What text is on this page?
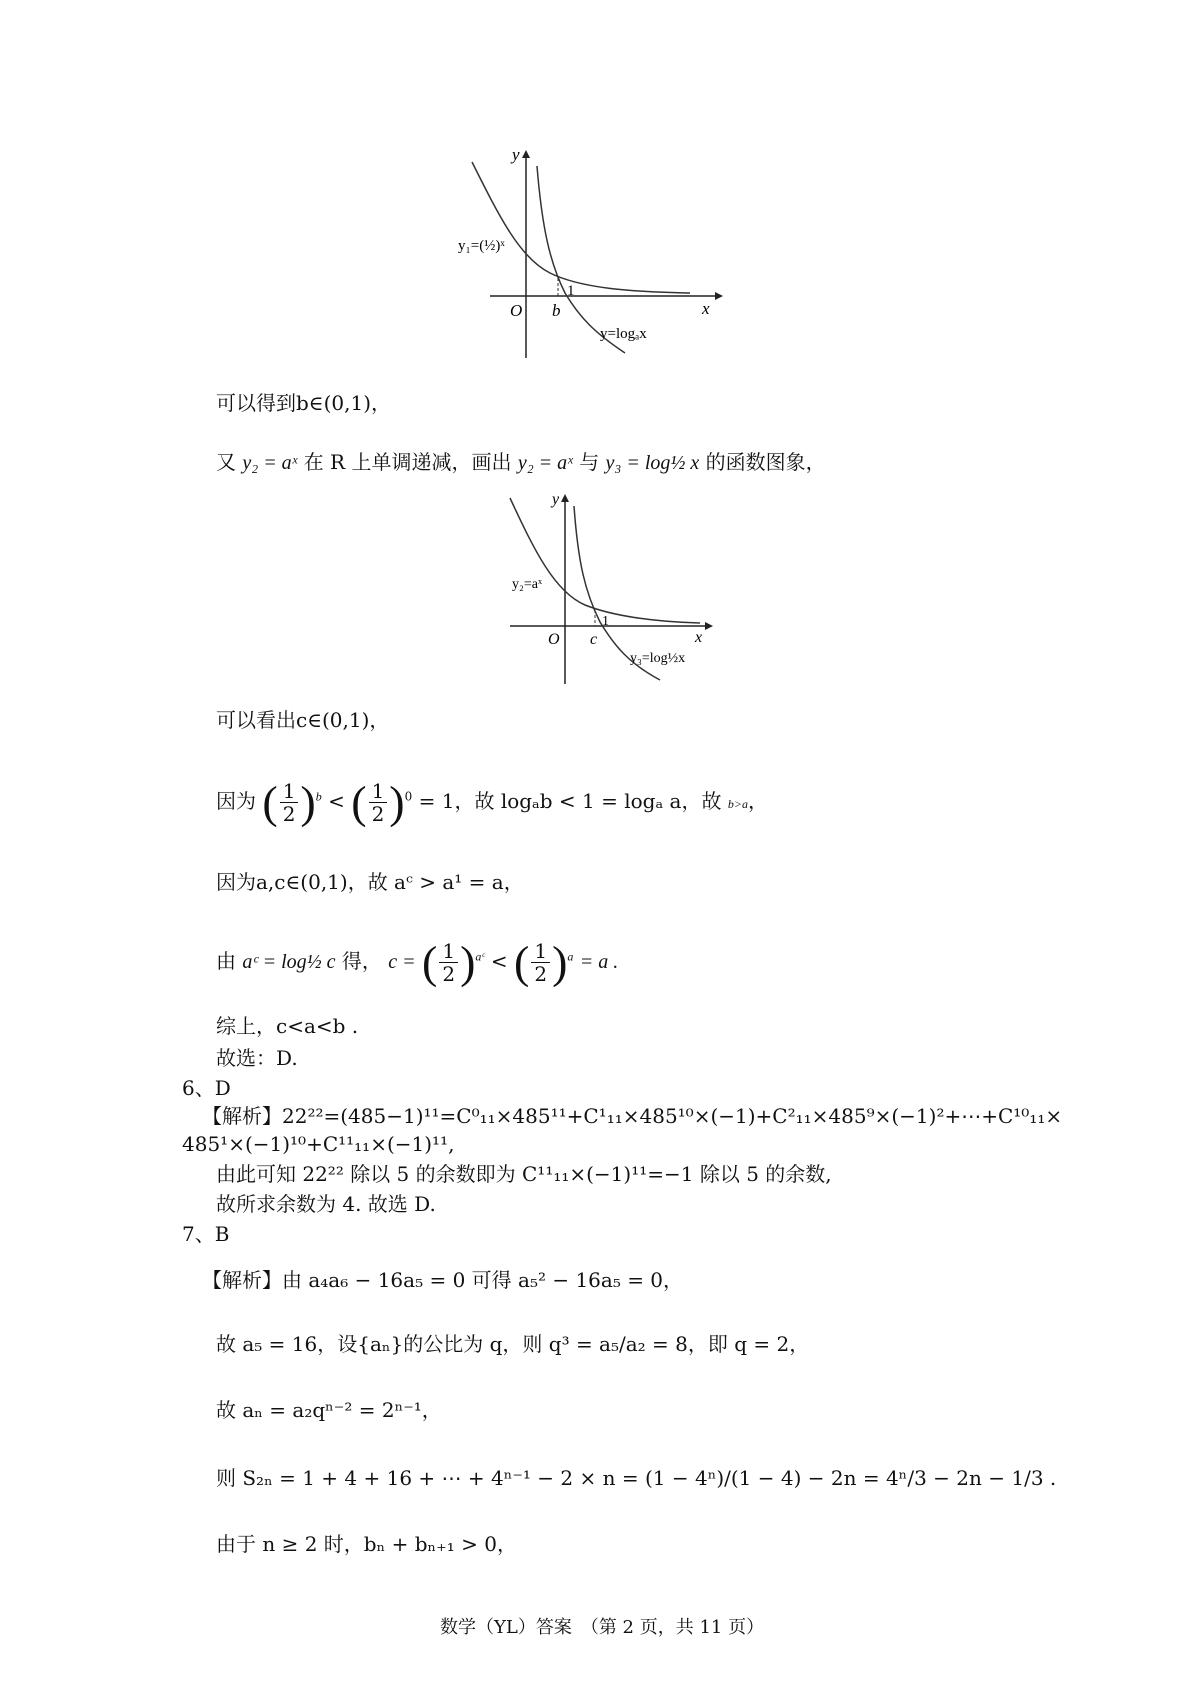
y
x
O b
1
y₁=(½)ˣ
y=logₐx
可以得到b∈(0,1)，
又 y₂ = aˣ 在 R 上单调递减，画出 y₂ = aˣ 与 y₃ = log½ x 的函数图象，
y
x
O c
1
y₂=aˣ
y₃=log½x
可以看出c∈(0,1)，
因为 ( $\frac{1}{2} )^b$ < ( $\frac{1}{2} )^0 = 1$，故 logₐb < 1 = logₐ a，故 b>a，
因为a,c∈(0,1)，故 aᶜ > a¹ = a，
由 aᶜ = log½ c 得， c = ( $\frac{1}{2} )^{aᶜ}$ < ( $\frac{1}{2} )^a = a$ .
综上，c<a<b .
故选：D.
6、D
【解析】22²²=(485−1)¹¹=C⁰₁₁×485¹¹+C¹₁₁×485¹⁰×(−1)+C²₁₁×485⁹×(−1)²+⋯+C¹⁰₁₁×
485¹×(−1)¹⁰+C¹¹₁₁×(−1)¹¹,
由此可知 22²² 除以 5 的余数即为 C¹¹₁₁×(−1)¹¹=−1 除以 5 的余数,
故所求余数为 4. 故选 D.
7、B
【解析】由 a₄a₆ − 16a₅ = 0 可得 a₅² − 16a₅ = 0，
故 a₅ = 16，设{aₙ}的公比为 q，则 q³ = a₅/a₂ = 8，即 q = 2，
故 aₙ = a₂qⁿ⁻² = 2ⁿ⁻¹，
则 S₂ₙ = 1 + 4 + 16 + ⋯ + 4ⁿ⁻¹ − 2 × n = (1 − 4ⁿ)/(1 − 4) − 2n = 4ⁿ/3 − 2n − 1/3 .
由于 n ≥ 2 时，bₙ + bₙ₊₁ > 0，
数学（YL）答案　（第 2 页，共 11 页）
